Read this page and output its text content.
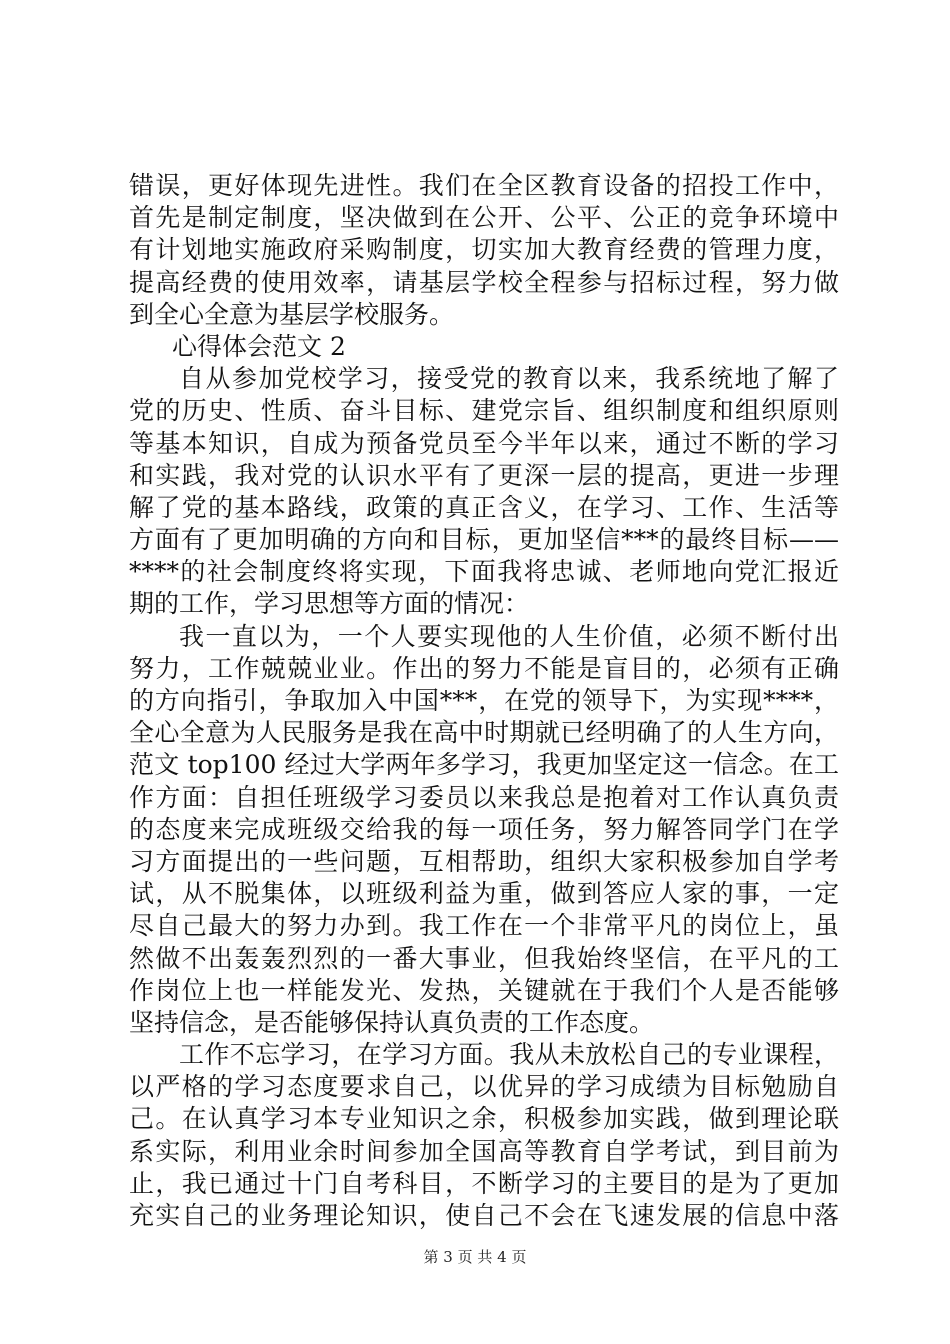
错误，更好体现先进性。我们在全区教育设备的招投工作中，
首先是制定制度，坚决做到在公开、公平、公正的竞争环境中
有计划地实施政府采购制度，切实加大教育经费的管理力度，
提高经费的使用效率，请基层学校全程参与招标过程，努力做
到全心全意为基层学校服务。
心得体会范文 2
自从参加党校学习，接受党的教育以来，我系统地了解了
党的历史、性质、奋斗目标、建党宗旨、组织制度和组织原则
等基本知识，自成为预备党员至今半年以来，通过不断的学习
和实践，我对党的认识水平有了更深一层的提高，更进一步理
解了党的基本路线，政策的真正含义，在学习、工作、生活等
方面有了更加明确的方向和目标，更加坚信***的最终目标——
****的社会制度终将实现，下面我将忠诚、老师地向党汇报近
期的工作，学习思想等方面的情况：
我一直以为，一个人要实现他的人生价值，必须不断付出
努力，工作兢兢业业。作出的努力不能是盲目的，必须有正确
的方向指引，争取加入中国***，在党的领导下，为实现****，
全心全意为人民服务是我在高中时期就已经明确了的人生方向，
范文 top100 经过大学两年多学习，我更加坚定这一信念。在工
作方面：自担任班级学习委员以来我总是抱着对工作认真负责
的态度来完成班级交给我的每一项任务，努力解答同学门在学
习方面提出的一些问题，互相帮助，组织大家积极参加自学考
试，从不脱集体，以班级利益为重，做到答应人家的事，一定
尽自己最大的努力办到。我工作在一个非常平凡的岗位上，虽
然做不出轰轰烈烈的一番大事业，但我始终坚信，在平凡的工
作岗位上也一样能发光、发热，关键就在于我们个人是否能够
坚持信念，是否能够保持认真负责的工作态度。
工作不忘学习，在学习方面。我从未放松自己的专业课程，
以严格的学习态度要求自己，以优异的学习成绩为目标勉励自
己。在认真学习本专业知识之余，积极参加实践，做到理论联
系实际，利用业余时间参加全国高等教育自学考试，到目前为
止，我已通过十门自考科目，不断学习的主要目的是为了更加
充实自己的业务理论知识，使自己不会在飞速发展的信息中落
第 3 页 共 4 页
